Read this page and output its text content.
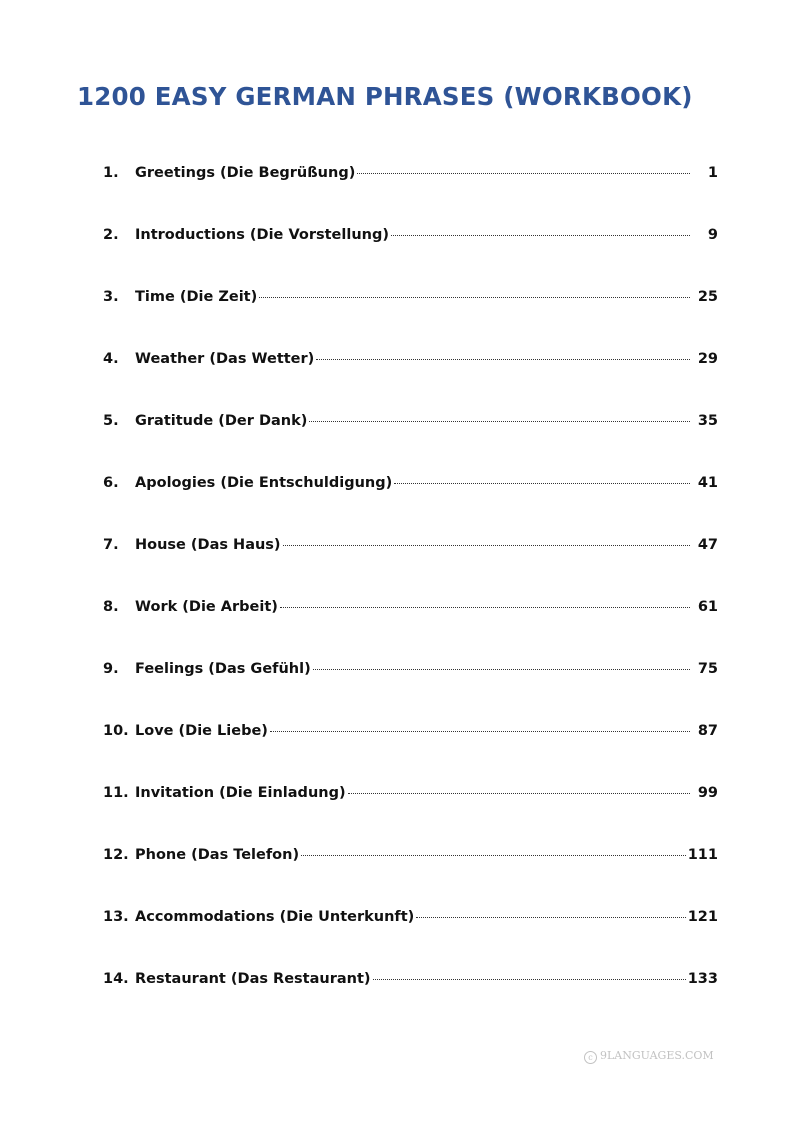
1200 EASY GERMAN PHRASES (WORKBOOK)
1.	Greetings (Die Begrüßung)	1
2.	Introductions (Die Vorstellung)	9
3.	Time (Die Zeit)	25
4.	Weather (Das Wetter)	29
5.	Gratitude (Der Dank)	35
6.	Apologies (Die Entschuldigung)	41
7.	House (Das Haus)	47
8.	Work (Die Arbeit)	61
9.	Feelings (Das Gefühl)	75
10. Love (Die Liebe)	87
11. Invitation (Die Einladung)	99
12. Phone (Das Telefon)	111
13. Accommodations (Die Unterkunft)	121
14. Restaurant (Das Restaurant)	133
c 9LANGUAGES.COM
